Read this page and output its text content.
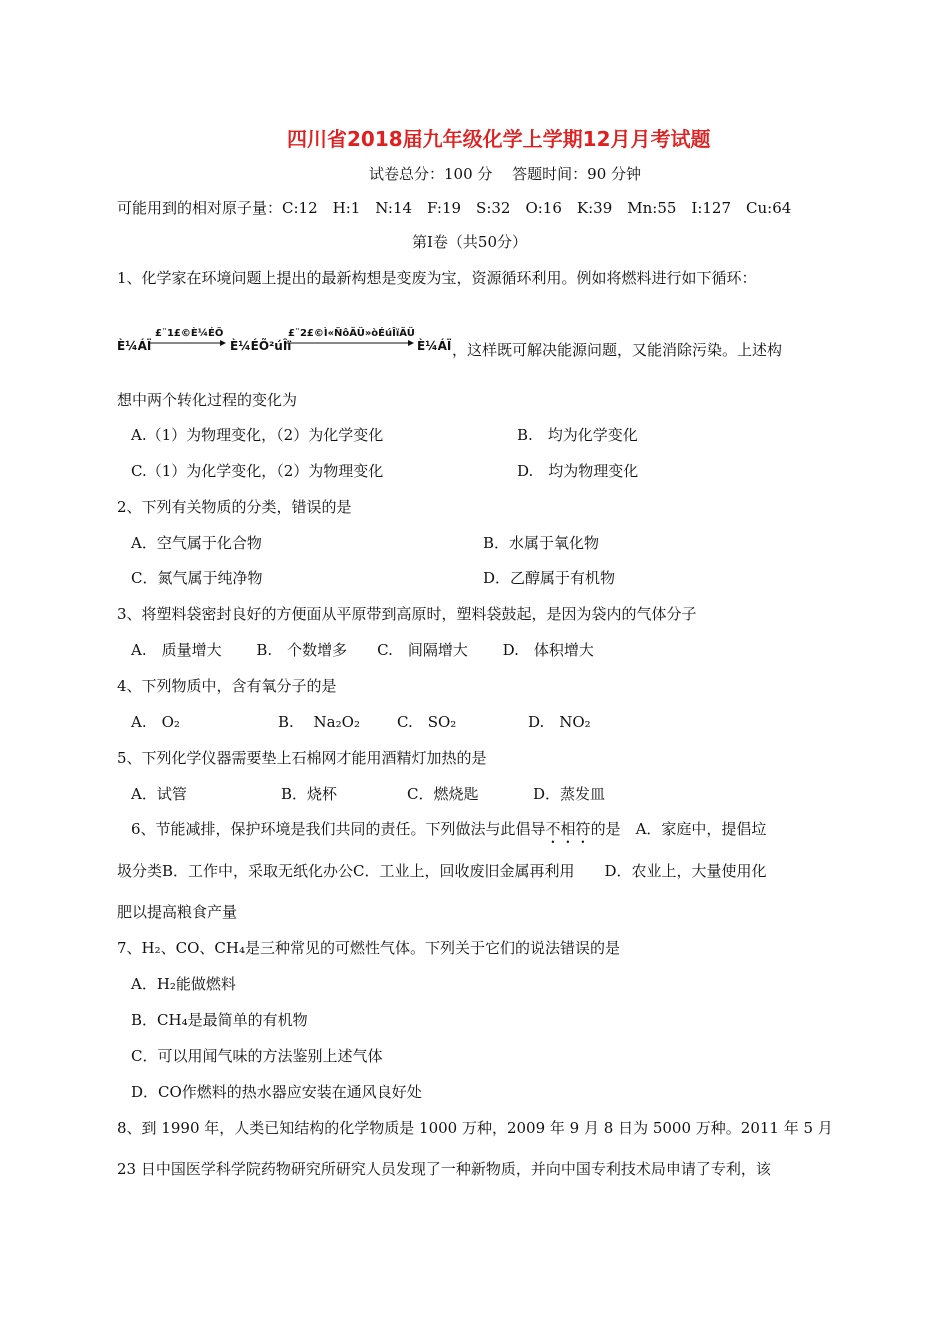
四川省2018届九年级化学上学期12月月考试题
试卷总分：100 分　 答题时间：90 分钟
可能用到的相对原子量：C:12　H:1　N:14　F:19　S:32　O:16　K:39　Mn:55　I:127　Cu:64
第Ⅰ卷（共50分）
1、化学家在环境问题上提出的最新构想是变废为宝，资源循环利用。例如将燃料进行如下循环：
È¼ÁÏ
£¨1£©È¼ÉÕ
È¼ÉÕ²úÎï
£¨2£©Ì«ÑôÄÜ»òÉúÎïÄÜ
È¼ÁÏ ，这样既可解决能源问题，又能消除污染。上述构
想中两个转化过程的变化为
A.（1）为物理变化，（2）为化学变化	B.　均为化学变化
C.（1）为化学变化，（2）为物理变化	D.　均为物理变化
2、下列有关物质的分类，错误的是
A．空气属于化合物	B．水属于氧化物
C．氮气属于纯净物	D．乙醇属于有机物
3、将塑料袋密封良好的方便面从平原带到高原时，塑料袋鼓起，是因为袋内的气体分子
A.　质量增大　　 B.　个数增多　　C.　间隔增大　　 D.　体积增大
4、下列物质中，含有氧分子的是
A.　O₂	B.　 Na₂O₂ C.　SO₂	D.　NO₂
5、下列化学仪器需要垫上石棉网才能用酒精灯加热的是
A．试管	B．烧杯	C．燃烧匙	D．蒸发皿
6、节能减排，保护环境是我们共同的责任。下列做法与此倡导不相符的是　A．家庭中，提倡垃
圾分类B．工作中，采取无纸化办公C．工业上，回收废旧金属再利用　　D．农业上，大量使用化
肥以提高粮食产量
7、H₂、CO、CH₄是三种常见的可燃性气体。下列关于它们的说法错误的是
A．H₂能做燃料
B．CH₄是最简单的有机物
C．可以用闻气味的方法鉴别上述气体
D．CO作燃料的热水器应安装在通风良好处
8、到 1990 年，人类已知结构的化学物质是 1000 万种，2009 年 9 月 8 日为 5000 万种。2011 年 5 月
23 日中国医学科学院药物研究所研究人员发现了一种新物质，并向中国专利技术局申请了专利，该
